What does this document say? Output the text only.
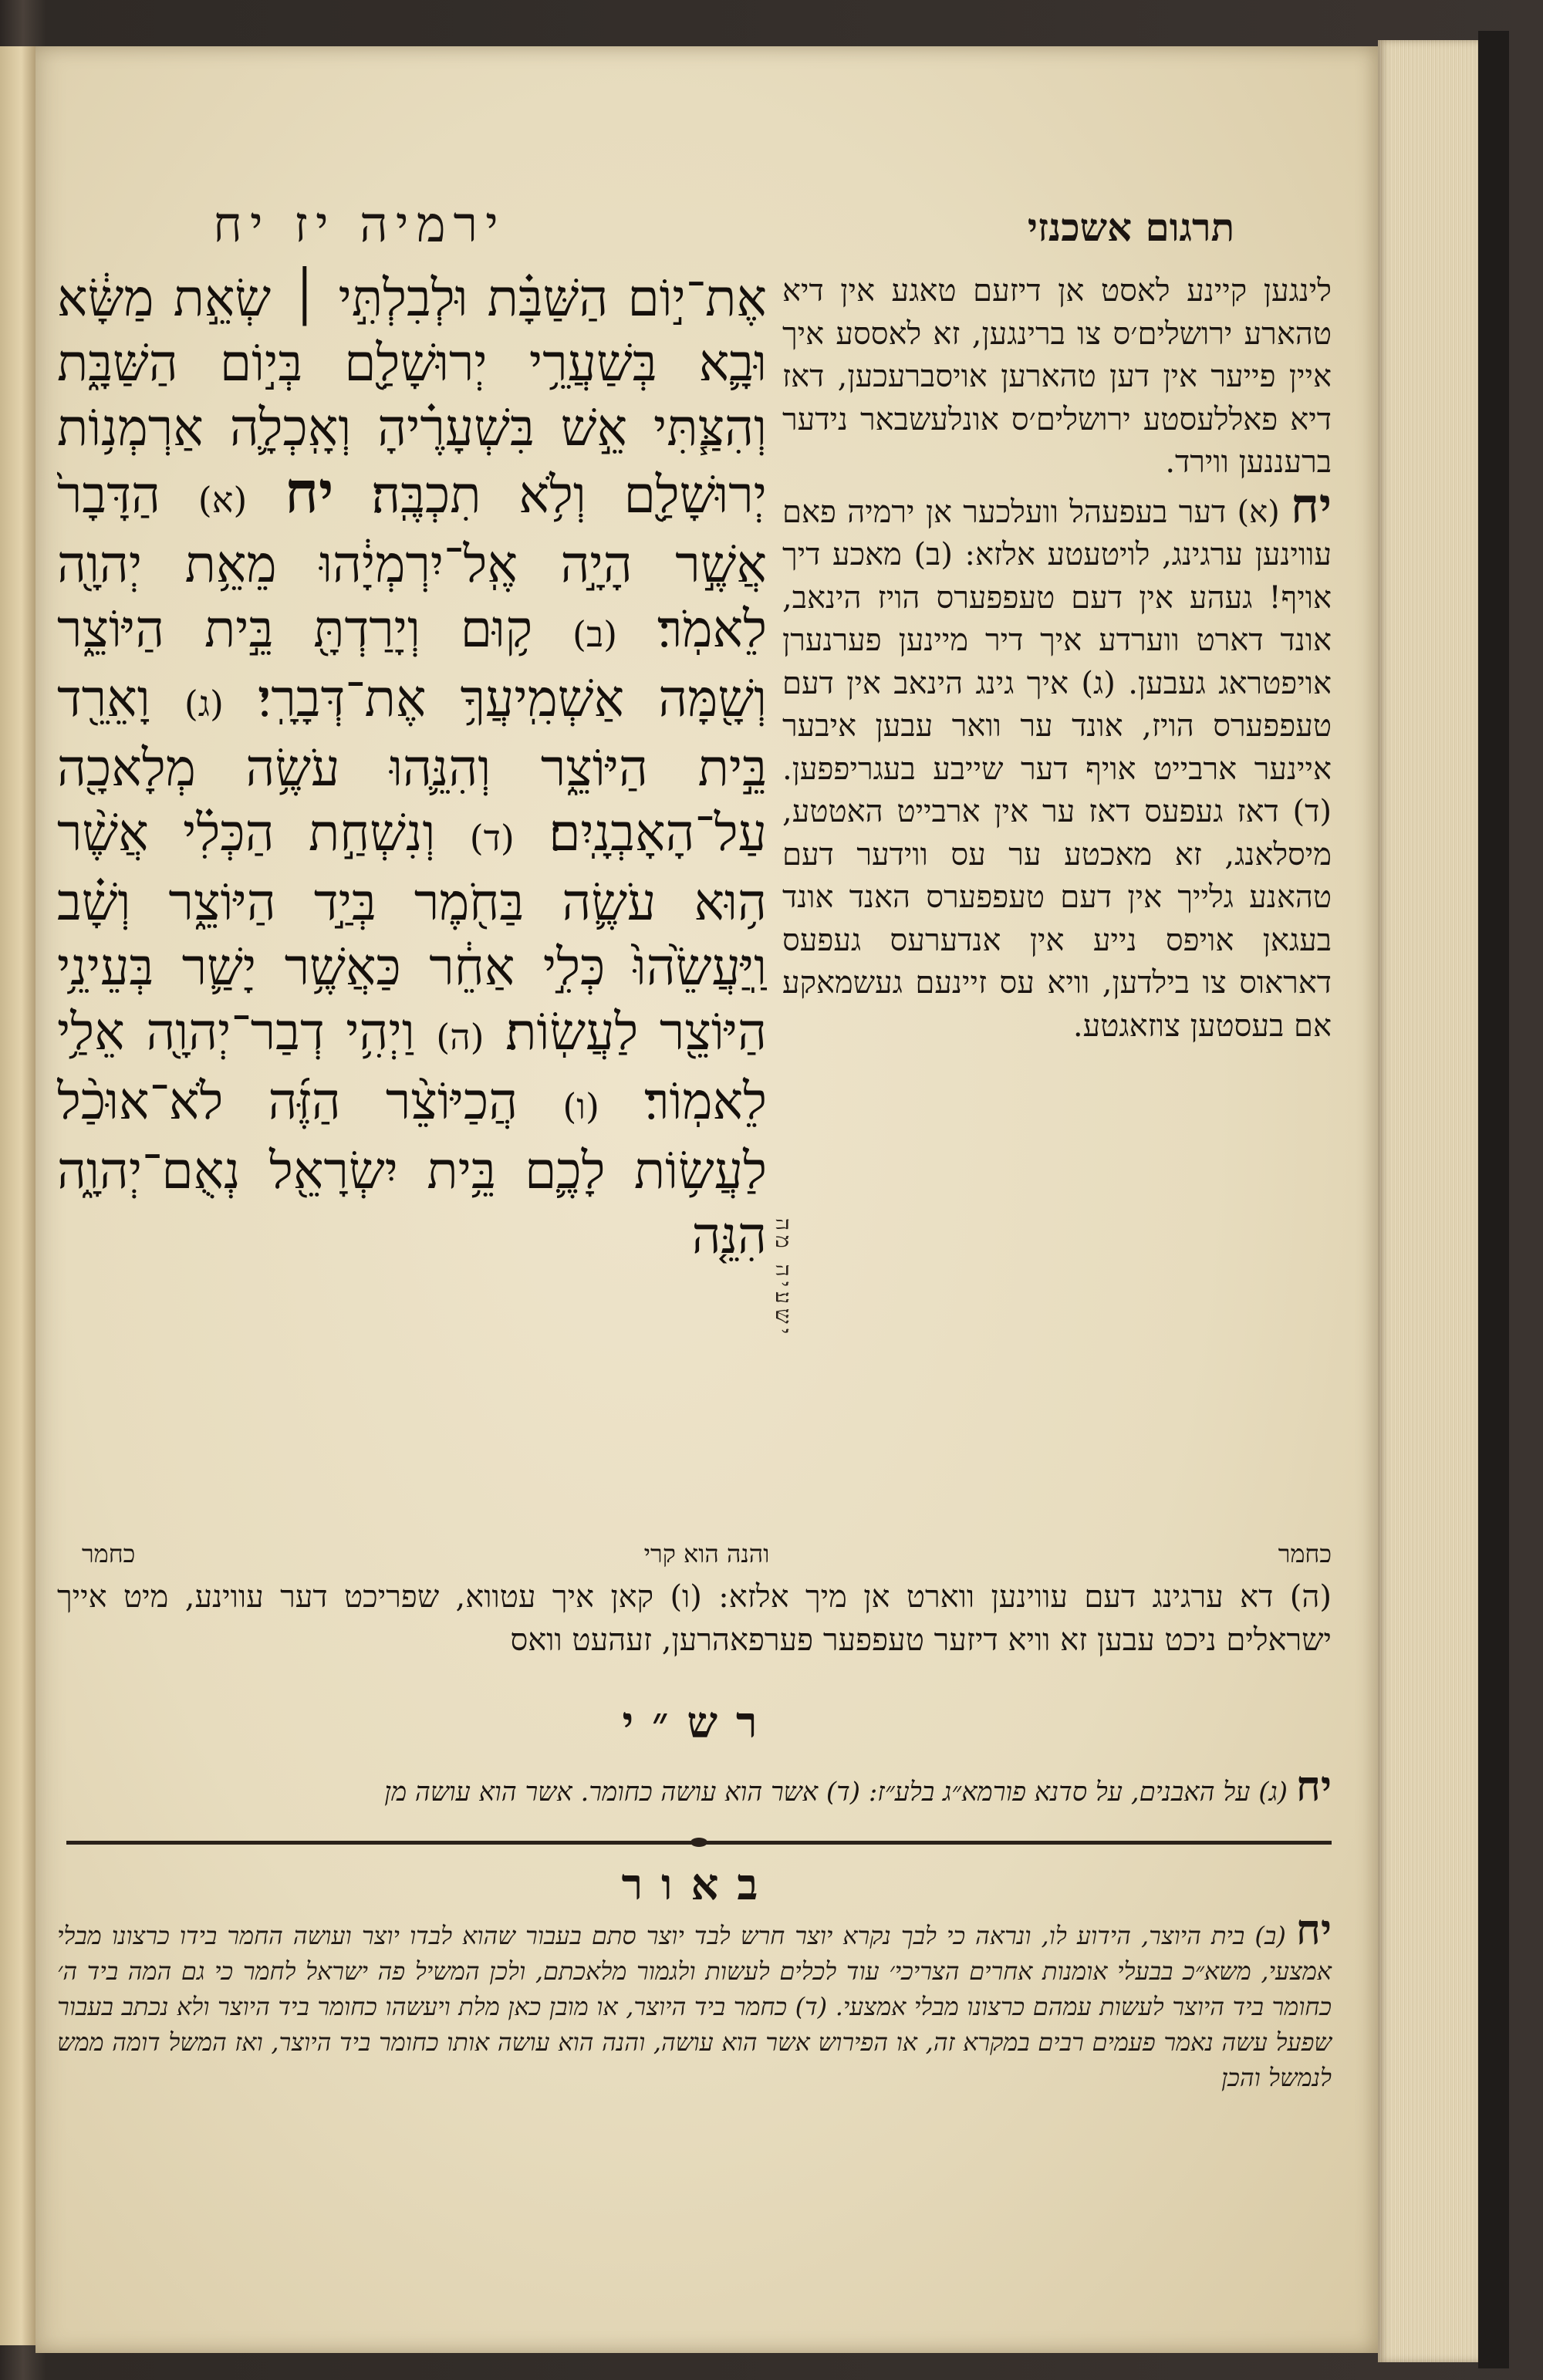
ירמיה יז יח	תרגום אשכנזי
אֶת־י֣וֹם הַשַּׁבָּ֗ת וּלְבִלְתִּ֣י ׀ שְׂאֵ֣ת מַשָּׂ֔א וּבָ֛א בְּשַׁעֲרֵ֥י יְרוּשָׁלִַ֖ם בְּי֣וֹם הַשַּׁבָּ֑ת וְהִצַּ֧תִּי אֵ֣שׁ בִּשְׁעָרֶ֗יהָ וְאָֽכְלָ֛ה אַרְמְנ֥וֹת יְרוּשָׁלִַ֖ם וְלֹ֥א תִכְבֶּֽה׃ יח (א) הַדָּבָר֙ אֲשֶׁ֣ר הָיָ֣ה אֶֽל־יִרְמְיָ֔הוּ מֵאֵ֥ת יְהוָ֖ה לֵאמֹֽר׃ (ב) ק֥וּם וְיָרַדְתָּ֖ בֵּ֣ית הַיּוֹצֵ֑ר וְשָׁ֖מָּה אַשְׁמִֽיעֲךָ֥ אֶת־דְּבָרָֽי׃ (ג) וָאֵרֵ֖ד בֵּ֣ית הַיּוֹצֵ֑ר וְהִנֵּ֛הוּ עֹשֶׂ֥ה מְלָאכָ֖ה עַל־הָאָבְנָֽיִם׃ (ד) וְנִשְׁחַ֣ת הַכְּלִ֗י אֲשֶׁ֨ר ה֥וּא עֹשֶׂ֛ה בַּחֹ֖מֶר בְּיַ֣ד הַיּוֹצֵ֑ר וְשָׁ֗ב וַֽיַּעֲשֵׂ֙הוּ֙ כְּלִ֣י אַחֵ֔ר כַּאֲשֶׁ֥ר יָשַׁ֛ר בְּעֵינֵ֥י הַיּוֹצֵ֖ר לַעֲשֽׂוֹת׃ (ה) וַיְהִ֥י דְבַר־יְהוָ֖ה אֵלַ֥י לֵאמֽוֹר׃ (ו) הֲכַיּוֹצֵ֨ר הַזֶּ֜ה לֹא־אוּכַ֨ל לַעֲשׂ֥וֹת לָכֶ֛ם בֵּ֥ית יִשְׂרָאֵ֖ל נְאֻם־יְהוָ֑ה הִנֵּ֤ה ישעיה מה
לינגען קיינע לאסט אן דיזעם טאגע אין דיא טהארע ירושלים׳ס צו ברינגען, זא לאססע איך איין פייער אין דען טהארען אויסברעכען, דאז דיא פאללעסטע ירושלים׳ס אונלעשבאר נידער ברעננען ווירד.
יח (א) דער בעפעהל וועלכער אן ירמיה פאם עווינען ערגינג, לויטעטע אלזא: (ב) מאכע דיך אויף! געהע אין דעם טעפפערס הויז הינאב, אונד דארט ווערדע איך דיר מיינען פערנערן אויפטראג געבען. (ג) איך גינג הינאב אין דעם טעפפערס הויז, אונד ער וואר עבען איבער איינער ארבייט אויף דער שייבע בעגריפפען. (ד) דאז געפעס דאז ער אין ארבייט האטטע, מיסלאנג, זא מאכטע ער עס ווידער דעם טהאנע גלייך אין דעם טעפפערס האנד אונד בעגאן אויפס נייע אין אנדערעס געפעס דאראוס צו בילדען, וויא עס זיינעם געשמאקע אם בעסטען צוזאגטע.
כחמר
והנה הוא קרי
כחמר
(ה) דא ערגינג דעם עווינען ווארט אן מיך אלזא: (ו) קאן איך עטווא, שפריכט דער עווינע, מיט אייך ישראלים ניכט עבען זא וויא דיזער טעפפער פערפאהרען, זעהעט וואס
רש״י
יח (ג) על האבנים, על סדנא פורמא״ג בלע״ז: (ד) אשר הוא עושה כחומר. אשר הוא עושה מן
באור
יח (ב) בית היוצר, הידוע לו, ונראה כי לבך נקרא יוצר חרש לבד יוצר סתם בעבור שהוא לבדו יוצר ועושה החמר בידו כרצונו מבלי אמצעי, משא״כ בבעלי אומנות אחרים הצריכי׳ עוד לכלים לעשות ולגמור מלאכתם, ולכן המשיל פה ישראל לחמר כי גם המה ביד ה׳ כחומר ביד היוצר לעשות עמהם כרצונו מבלי אמצעי. (ד) כחמר ביד היוצר, או מובן כאן מלת ויעשהו כחומר ביד היוצר ולא נכתב בעבור שפעל עשה נאמר פעמים רבים במקרא זה, או הפירוש אשר הוא עושה, והנה הוא עושה אותו כחומר ביד היוצר, ואז המשל דומה ממש לנמשל והכן
